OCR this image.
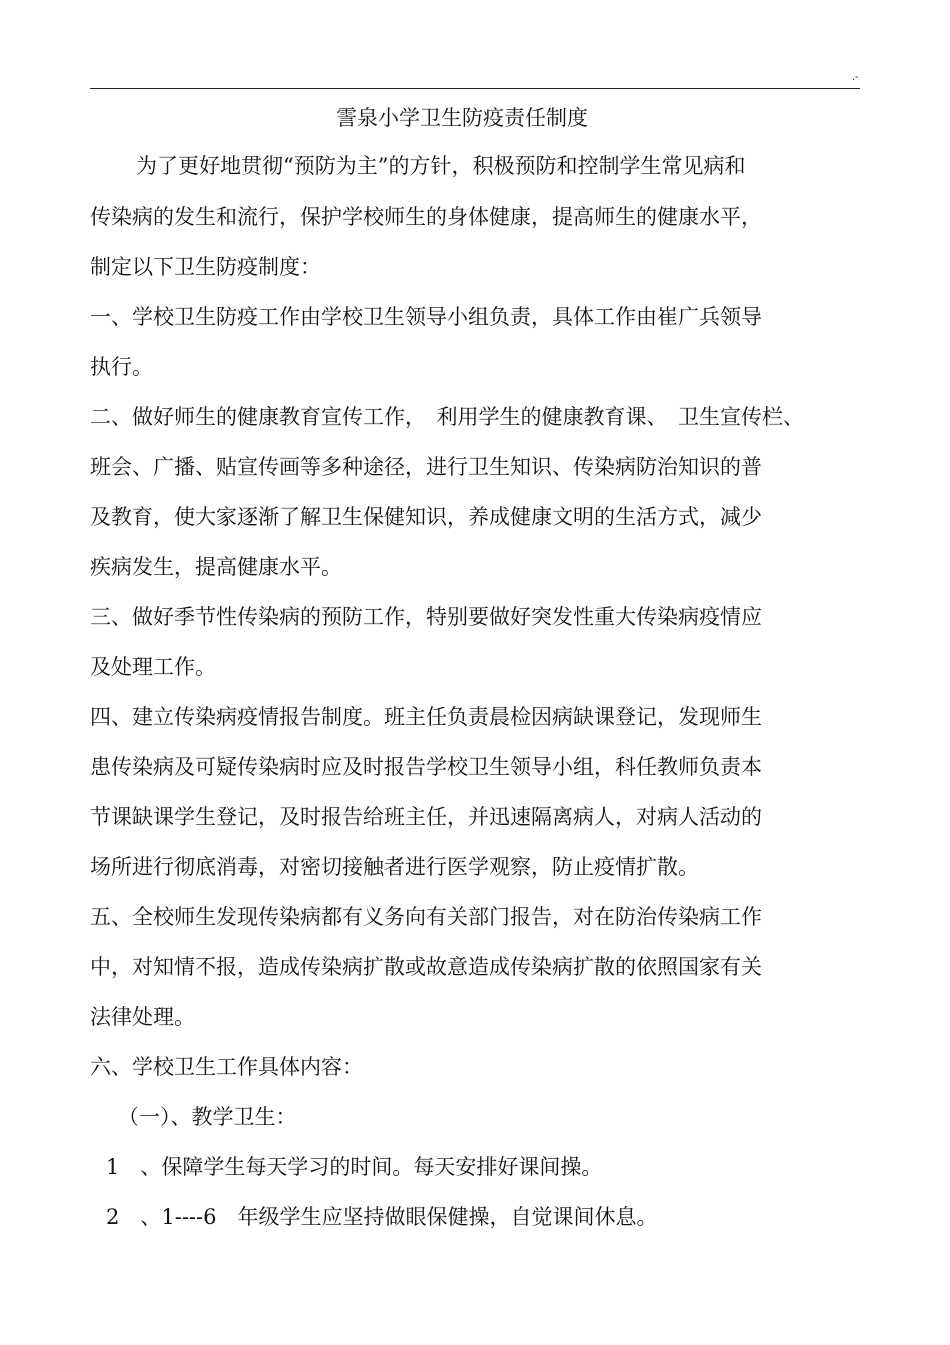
.-
霅泉小学卫生防疫责任制度
为了更好地贯彻“预防为主”的方针，积极预防和控制学生常见病和
传染病的发生和流行，保护学校师生的身体健康，提高师生的健康水平，
制定以下卫生防疫制度：
一、学校卫生防疫工作由学校卫生领导小组负责，具体工作由崔广兵领导
执行。
二、做好师生的健康教育宣传工作，　利用学生的健康教育课、　卫生宣传栏、
班会、广播、贴宣传画等多种途径，进行卫生知识、传染病防治知识的普
及教育，使大家逐渐了解卫生保健知识，养成健康文明的生活方式，减少
疾病发生，提高健康水平。
三、做好季节性传染病的预防工作，特别要做好突发性重大传染病疫情应
及处理工作。
四、建立传染病疫情报告制度。班主任负责晨检因病缺课登记，发现师生
患传染病及可疑传染病时应及时报告学校卫生领导小组，科任教师负责本
节课缺课学生登记，及时报告给班主任，并迅速隔离病人，对病人活动的
场所进行彻底消毒，对密切接触者进行医学观察，防止疫情扩散。
五、全校师生发现传染病都有义务向有关部门报告，对在防治传染病工作
中，对知情不报，造成传染病扩散或故意造成传染病扩散的依照国家有关
法律处理。
六、学校卫生工作具体内容：
（一）、教学卫生：
1　、保障学生每天学习的时间。每天安排好课间操。
2　、1----6　年级学生应坚持做眼保健操，自觉课间休息。
